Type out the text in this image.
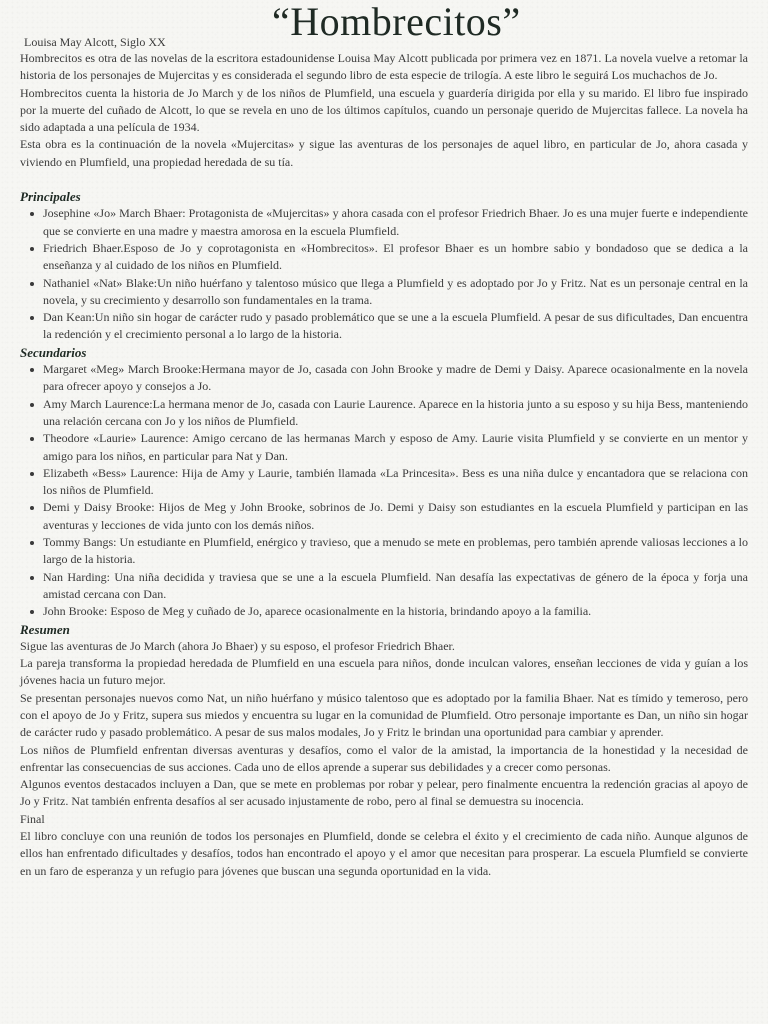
“Hombrecitos”
Louisa May Alcott, Siglo XX

Hombrecitos es otra de las novelas de la escritora estadounidense Louisa May Alcott publicada por primera vez en 1871. La novela vuelve a retomar la historia de los personajes de Mujercitas y es considerada el segundo libro de esta especie de trilogía. A este libro le seguirá Los muchachos de Jo.

Hombrecitos cuenta la historia de Jo March y de los niños de Plumfield, una escuela y guardería dirigida por ella y su marido. El libro fue inspirado por la muerte del cuñado de Alcott, lo que se revela en uno de los últimos capítulos, cuando un personaje querido de Mujercitas fallece. La novela ha sido adaptada a una película de 1934.

Esta obra es la continuación de la novela «Mujercitas» y sigue las aventuras de los personajes de aquel libro, en particular de Jo, ahora casada y viviendo en Plumfield, una propiedad heredada de su tía.

Principales
Josephine «Jo» March Bhaer: Protagonista de «Mujercitas» y ahora casada con el profesor Friedrich Bhaer. Jo es una mujer fuerte e independiente que se convierte en una madre y maestra amorosa en la escuela Plumfield.
Friedrich Bhaer.Esposo de Jo y coprotagonista en «Hombrecitos». El profesor Bhaer es un hombre sabio y bondadoso que se dedica a la enseñanza y al cuidado de los niños en Plumfield.
Nathaniel «Nat» Blake:Un niño huérfano y talentoso músico que llega a Plumfield y es adoptado por Jo y Fritz. Nat es un personaje central en la novela, y su crecimiento y desarrollo son fundamentales en la trama.
Dan Kean:Un niño sin hogar de carácter rudo y pasado problemático que se une a la escuela Plumfield. A pesar de sus dificultades, Dan encuentra la redención y el crecimiento personal a lo largo de la historia.
Secundarios
Margaret «Meg» March Brooke:Hermana mayor de Jo, casada con John Brooke y madre de Demi y Daisy. Aparece ocasionalmente en la novela para ofrecer apoyo y consejos a Jo.
Amy March Laurence:La hermana menor de Jo, casada con Laurie Laurence. Aparece en la historia junto a su esposo y su hija Bess, manteniendo una relación cercana con Jo y los niños de Plumfield.
Theodore «Laurie» Laurence: Amigo cercano de las hermanas March y esposo de Amy. Laurie visita Plumfield y se convierte en un mentor y amigo para los niños, en particular para Nat y Dan.
Elizabeth «Bess» Laurence: Hija de Amy y Laurie, también llamada «La Princesita». Bess es una niña dulce y encantadora que se relaciona con los niños de Plumfield.
Demi y Daisy Brooke: Hijos de Meg y John Brooke, sobrinos de Jo. Demi y Daisy son estudiantes en la escuela Plumfield y participan en las aventuras y lecciones de vida junto con los demás niños.
Tommy Bangs: Un estudiante en Plumfield, enérgico y travieso, que a menudo se mete en problemas, pero también aprende valiosas lecciones a lo largo de la historia.
Nan Harding: Una niña decidida y traviesa que se une a la escuela Plumfield. Nan desafía las expectativas de género de la época y forja una amistad cercana con Dan.
John Brooke: Esposo de Meg y cuñado de Jo, aparece ocasionalmente en la historia, brindando apoyo a la familia.
Resumen

Sigue las aventuras de Jo March (ahora Jo Bhaer) y su esposo, el profesor Friedrich Bhaer.

La pareja transforma la propiedad heredada de Plumfield en una escuela para niños, donde inculcan valores, enseñan lecciones de vida y guían a los jóvenes hacia un futuro mejor.

Se presentan personajes nuevos como Nat, un niño huérfano y músico talentoso que es adoptado por la familia Bhaer. Nat es tímido y temeroso, pero con el apoyo de Jo y Fritz, supera sus miedos y encuentra su lugar en la comunidad de Plumfield. Otro personaje importante es Dan, un niño sin hogar de carácter rudo y pasado problemático. A pesar de sus malos modales, Jo y Fritz le brindan una oportunidad para cambiar y aprender.

Los niños de Plumfield enfrentan diversas aventuras y desafíos, como el valor de la amistad, la importancia de la honestidad y la necesidad de enfrentar las consecuencias de sus acciones. Cada uno de ellos aprende a superar sus debilidades y a crecer como personas.

Algunos eventos destacados incluyen a Dan, que se mete en problemas por robar y pelear, pero finalmente encuentra la redención gracias al apoyo de Jo y Fritz. Nat también enfrenta desafíos al ser acusado injustamente de robo, pero al final se demuestra su inocencia.

Final

El libro concluye con una reunión de todos los personajes en Plumfield, donde se celebra el éxito y el crecimiento de cada niño. Aunque algunos de ellos han enfrentado dificultades y desafíos, todos han encontrado el apoyo y el amor que necesitan para prosperar. La escuela Plumfield se convierte en un faro de esperanza y un refugio para jóvenes que buscan una segunda oportunidad en la vida.
